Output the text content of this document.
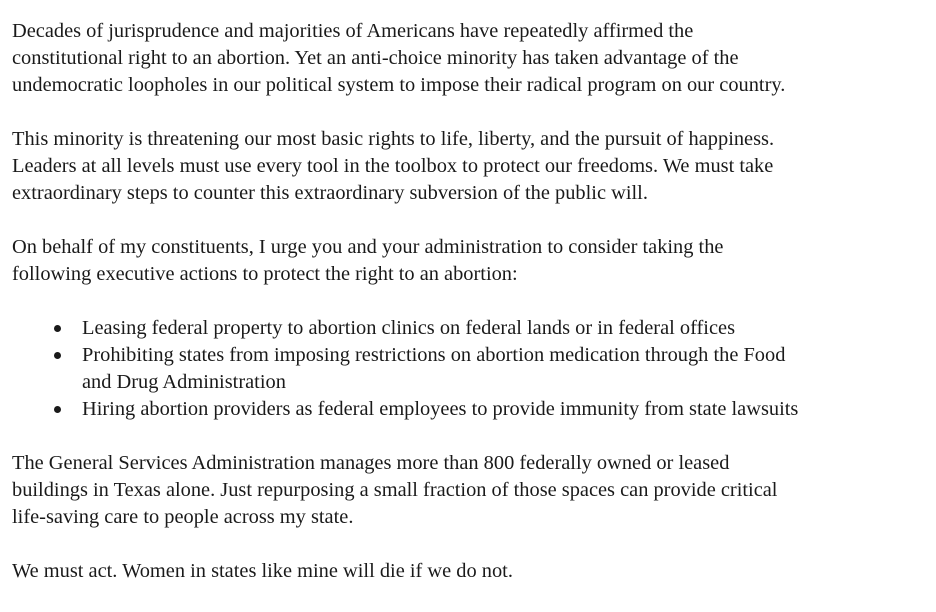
Decades of jurisprudence and majorities of Americans have repeatedly affirmed the
constitutional right to an abortion. Yet an anti-choice minority has taken advantage of the
undemocratic loopholes in our political system to impose their radical program on our country.

This minority is threatening our most basic rights to life, liberty, and the pursuit of happiness.
Leaders at all levels must use every tool in the toolbox to protect our freedoms. We must take
extraordinary steps to counter this extraordinary subversion of the public will.

On behalf of my constituents, I urge you and your administration to consider taking the
following executive actions to protect the right to an abortion:

Leasing federal property to abortion clinics on federal lands or in federal offices
Prohibiting states from imposing restrictions on abortion medication through the Food
and Drug Administration
Hiring abortion providers as federal employees to provide immunity from state lawsuits

The General Services Administration manages more than 800 federally owned or leased
buildings in Texas alone. Just repurposing a small fraction of those spaces can provide critical
life-saving care to people across my state.

We must act. Women in states like mine will die if we do not.
